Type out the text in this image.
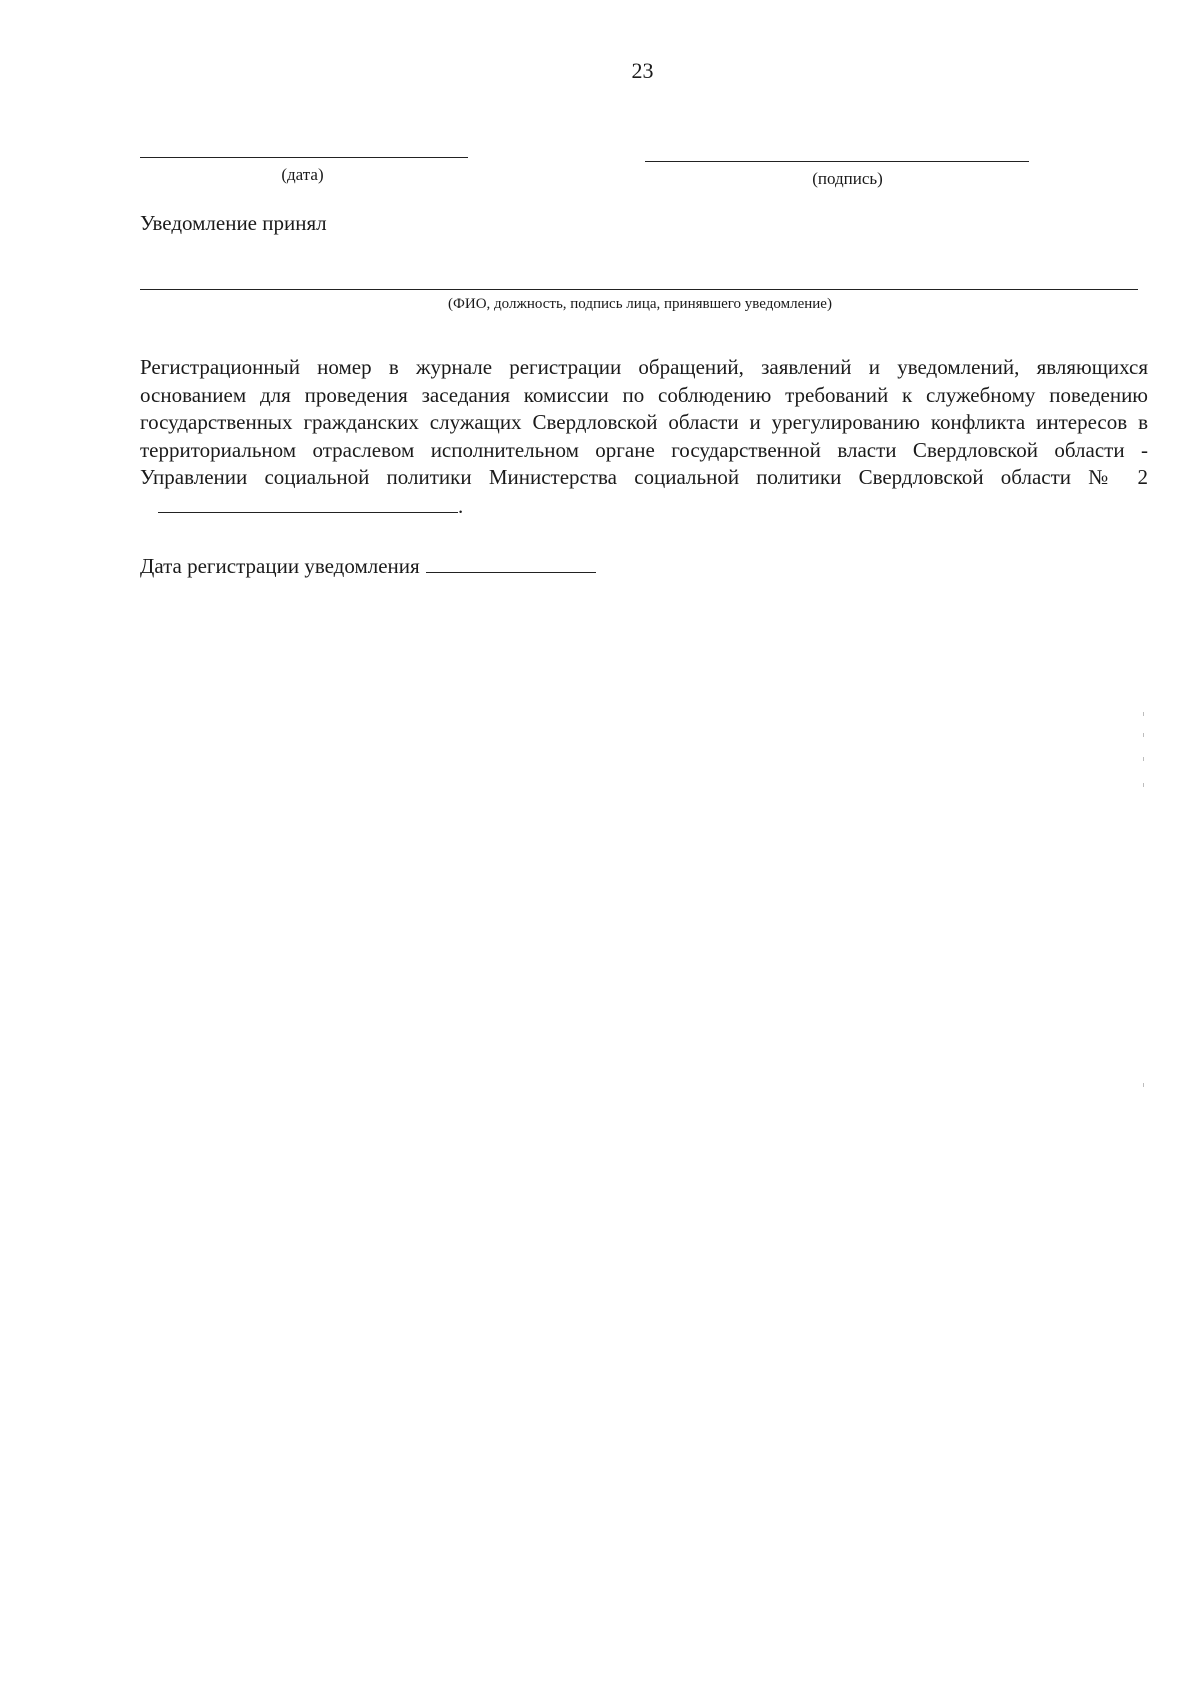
23
(дата)	(подпись)
Уведомление принял
(ФИО, должность, подпись лица, принявшего уведомление)

Регистрационный номер в журнале регистрации обращений, заявлений и уведомлений, являющихся основанием для проведения заседания комиссии по соблюдению требований к служебному поведению государственных гражданских служащих Свердловской области и урегулированию конфликта интересов в территориальном отраслевом исполнительном органе государственной власти Свердловской области - Управлении социальной политики Министерства социальной политики Свердловской области № 2.

Дата регистрации уведомления
